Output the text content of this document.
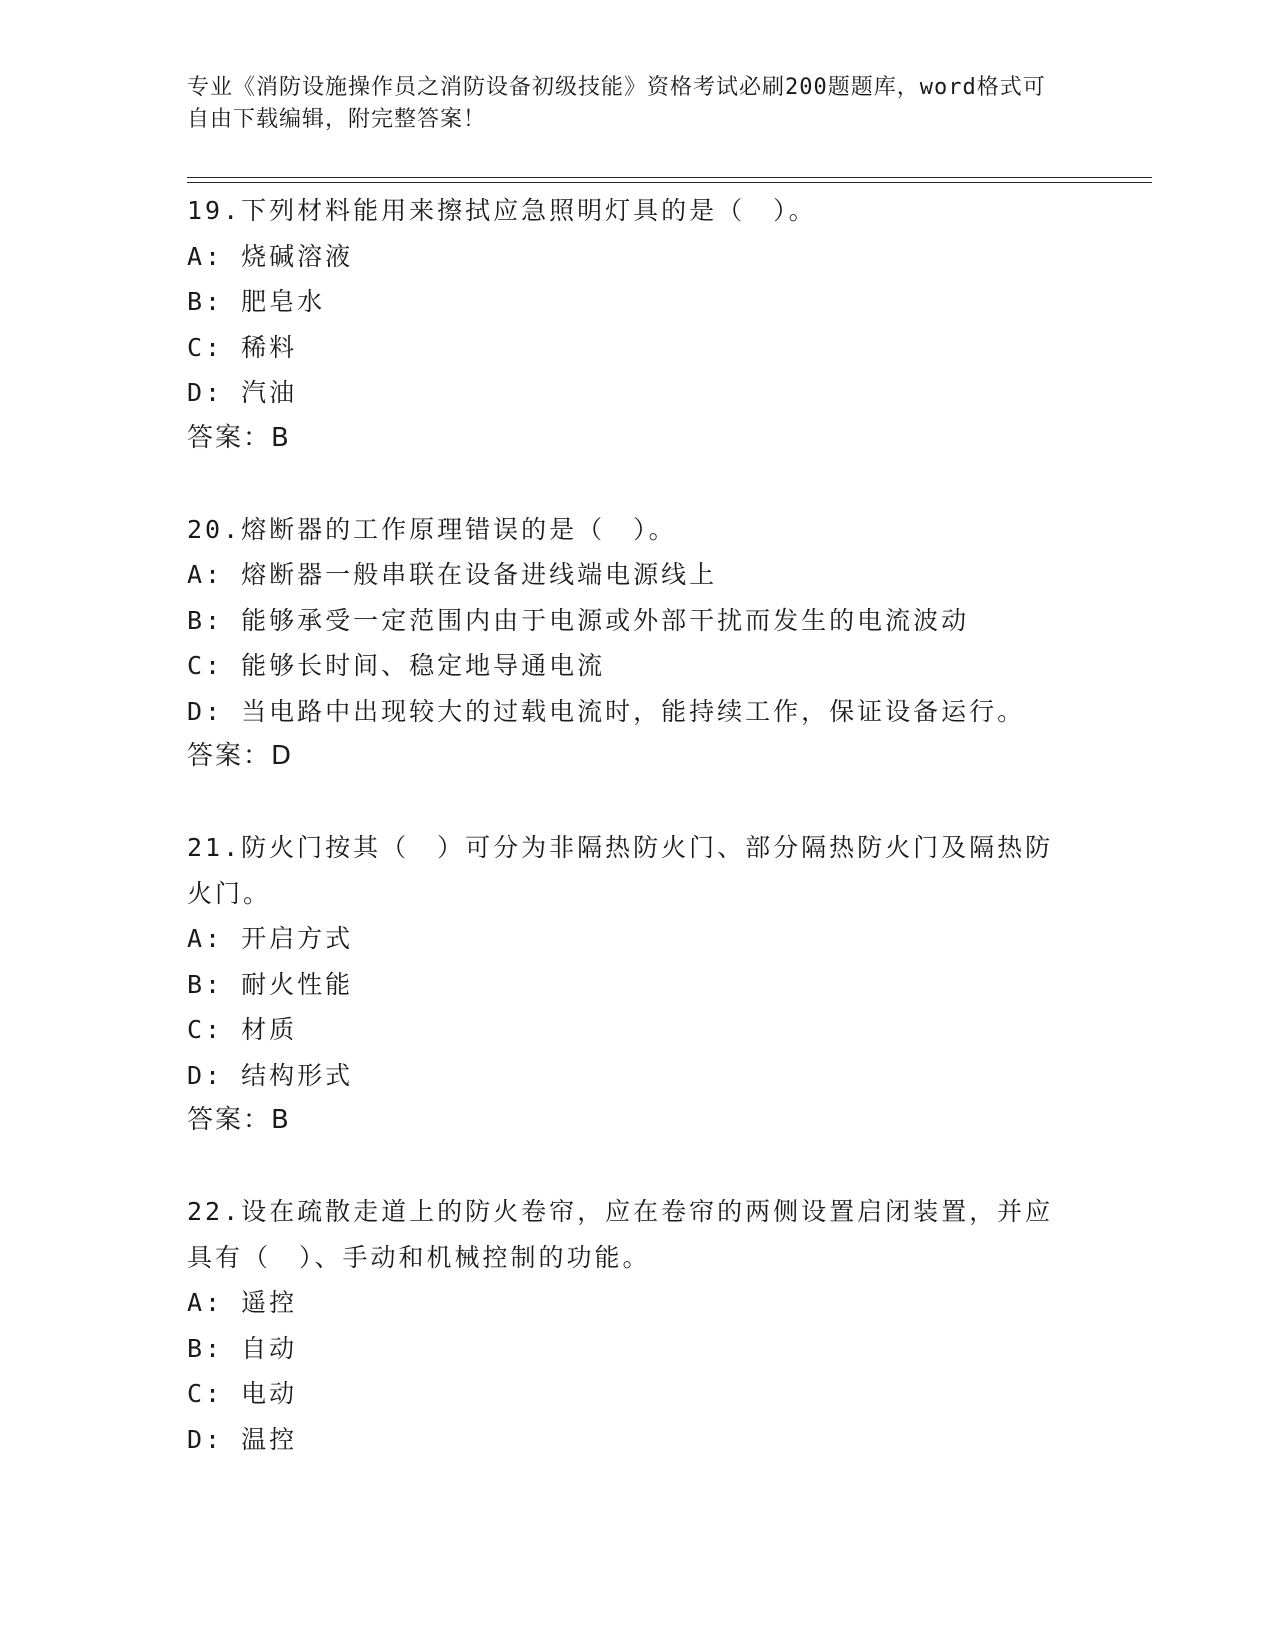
专业《消防设施操作员之消防设备初级技能》资格考试必刷200题题库，word格式可自由下载编辑，附完整答案！
19.下列材料能用来擦拭应急照明灯具的是（　）。
A: 烧碱溶液
B: 肥皂水
C: 稀料
D: 汽油
答案：B
20.熔断器的工作原理错误的是（　）。
A: 熔断器一般串联在设备进线端电源线上
B: 能够承受一定范围内由于电源或外部干扰而发生的电流波动
C: 能够长时间、稳定地导通电流
D: 当电路中出现较大的过载电流时，能持续工作，保证设备运行。
答案：D
21.防火门按其（　）可分为非隔热防火门、部分隔热防火门及隔热防火门。
A: 开启方式
B: 耐火性能
C: 材质
D: 结构形式
答案：B
22.设在疏散走道上的防火卷帘，应在卷帘的两侧设置启闭装置，并应具有（　）、手动和机械控制的功能。
A: 遥控
B: 自动
C: 电动
D: 温控
